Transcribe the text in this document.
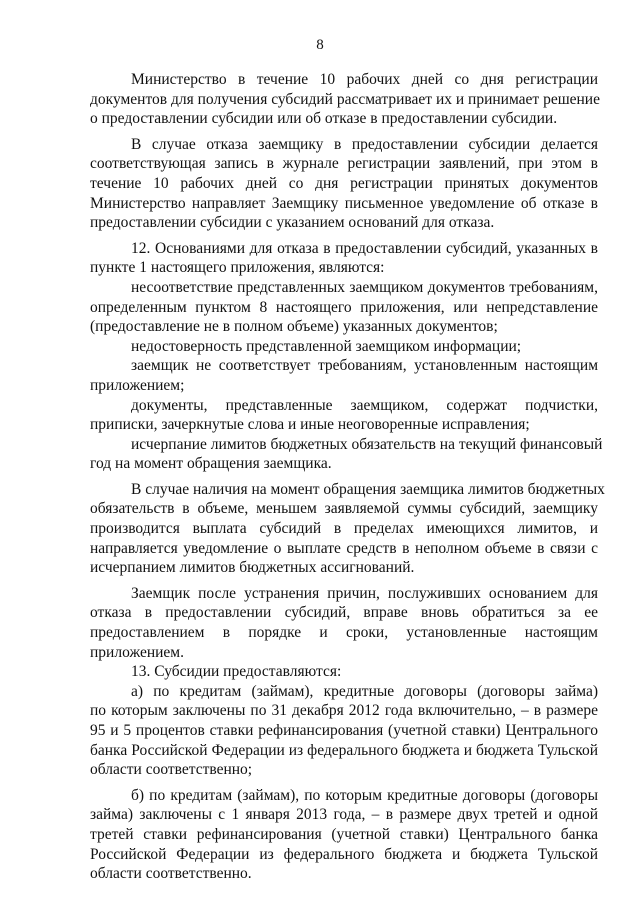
8

Министерство в течение 10 рабочих дней со дня регистрации
документов для получения субсидий рассматривает их и принимает решение
о предоставлении субсидии или об отказе в предоставлении субсидии.

В случае отказа заемщику в предоставлении субсидии делается
соответствующая запись в журнале регистрации заявлений, при этом в
течение 10 рабочих дней со дня регистрации принятых документов
Министерство направляет Заемщику письменное уведомление об отказе в
предоставлении субсидии с указанием оснований для отказа.

12. Основаниями для отказа в предоставлении субсидий, указанных в
пункте 1 настоящего приложения, являются:

несоответствие представленных заемщиком документов требованиям,
определенным пунктом 8 настоящего приложения, или непредставление
(предоставление не в полном объеме) указанных документов;

недостоверность представленной заемщиком информации;

заемщик не соответствует требованиям, установленным настоящим
приложением;

документы, представленные заемщиком, содержат подчистки,
приписки, зачеркнутые слова и иные неоговоренные исправления;

исчерпание лимитов бюджетных обязательств на текущий финансовый
год на момент обращения заемщика.

В случае наличия на момент обращения заемщика лимитов бюджетных
обязательств в объеме, меньшем заявляемой суммы субсидий, заемщику
производится выплата субсидий в пределах имеющихся лимитов, и
направляется уведомление о выплате средств в неполном объеме в связи с
исчерпанием лимитов бюджетных ассигнований.

Заемщик после устранения причин, послуживших основанием для
отказа в предоставлении субсидий, вправе вновь обратиться за ее
предоставлением в порядке и сроки, установленные настоящим
приложением.

13. Субсидии предоставляются:

а) по кредитам (займам), кредитные договоры (договоры займа)
по которым заключены по 31 декабря 2012 года включительно, – в размере
95 и 5 процентов ставки рефинансирования (учетной ставки) Центрального
банка Российской Федерации из федерального бюджета и бюджета Тульской
области соответственно;

б) по кредитам (займам), по которым кредитные договоры (договоры
займа) заключены с 1 января 2013 года, – в размере двух третей и одной
третей ставки рефинансирования (учетной ставки) Центрального банка
Российской Федерации из федерального бюджета и бюджета Тульской
области соответственно.
